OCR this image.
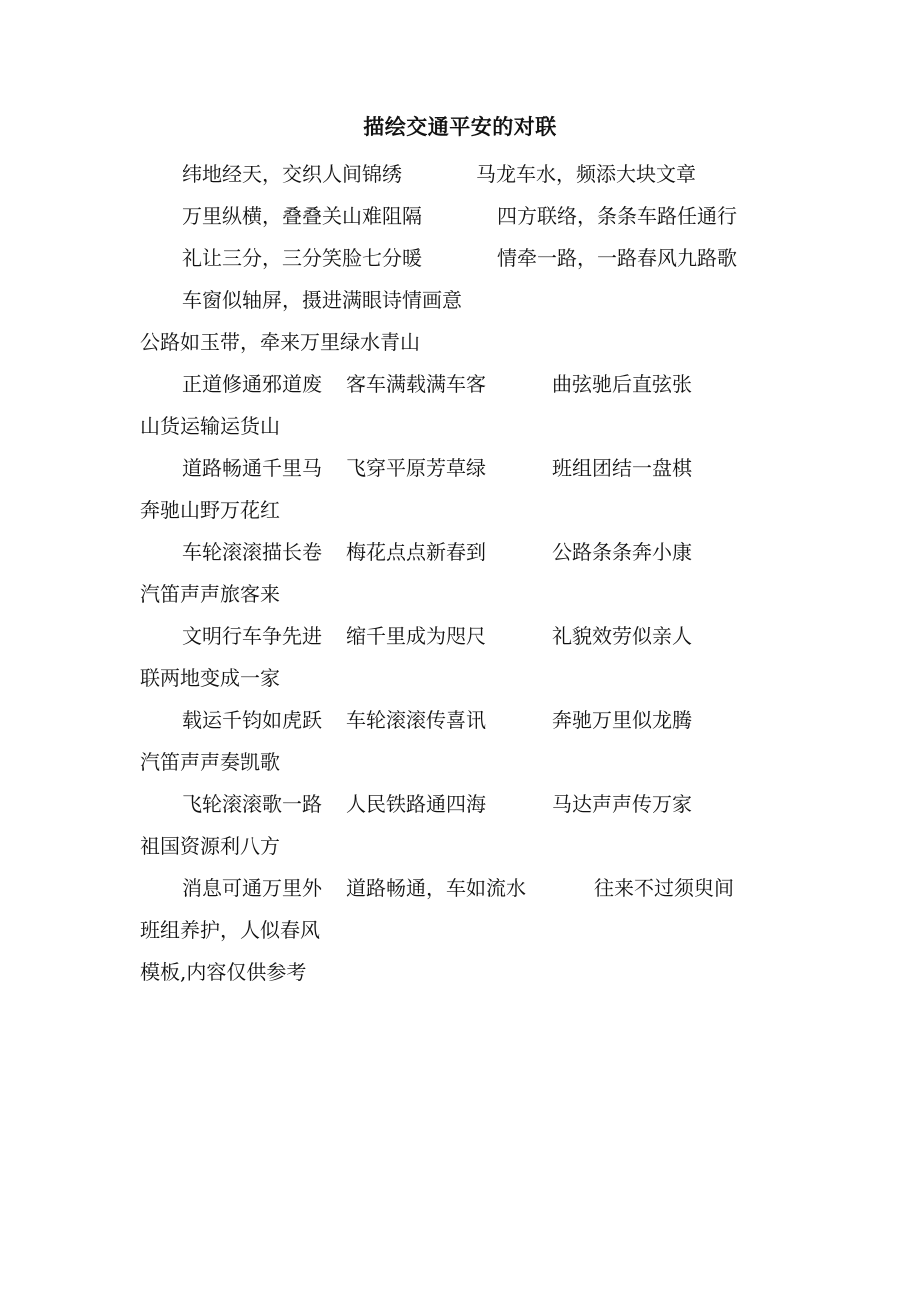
描绘交通平安的对联
纬地经天，交织人间锦绣	马龙车水，频添大块文章
万里纵横，叠叠关山难阻隔	四方联络，条条车路任通行
礼让三分，三分笑脸七分暖	情牵一路，一路春风九路歌
车窗似轴屏，摄进满眼诗情画意
公路如玉带，牵来万里绿水青山
正道修通邪道废 客车满载满车客	曲弦驰后直弦张
山货运输运货山
道路畅通千里马 飞穿平原芳草绿	班组团结一盘棋
奔驰山野万花红
车轮滚滚描长卷 梅花点点新春到	公路条条奔小康
汽笛声声旅客来
文明行车争先进 缩千里成为咫尺	礼貌效劳似亲人
联两地变成一家
载运千钧如虎跃 车轮滚滚传喜讯	奔驰万里似龙腾
汽笛声声奏凯歌
飞轮滚滚歌一路 人民铁路通四海	马达声声传万家
祖国资源利八方
消息可通万里外 道路畅通，车如流水	往来不过须臾间
班组养护，人似春风
模板,内容仅供参考
